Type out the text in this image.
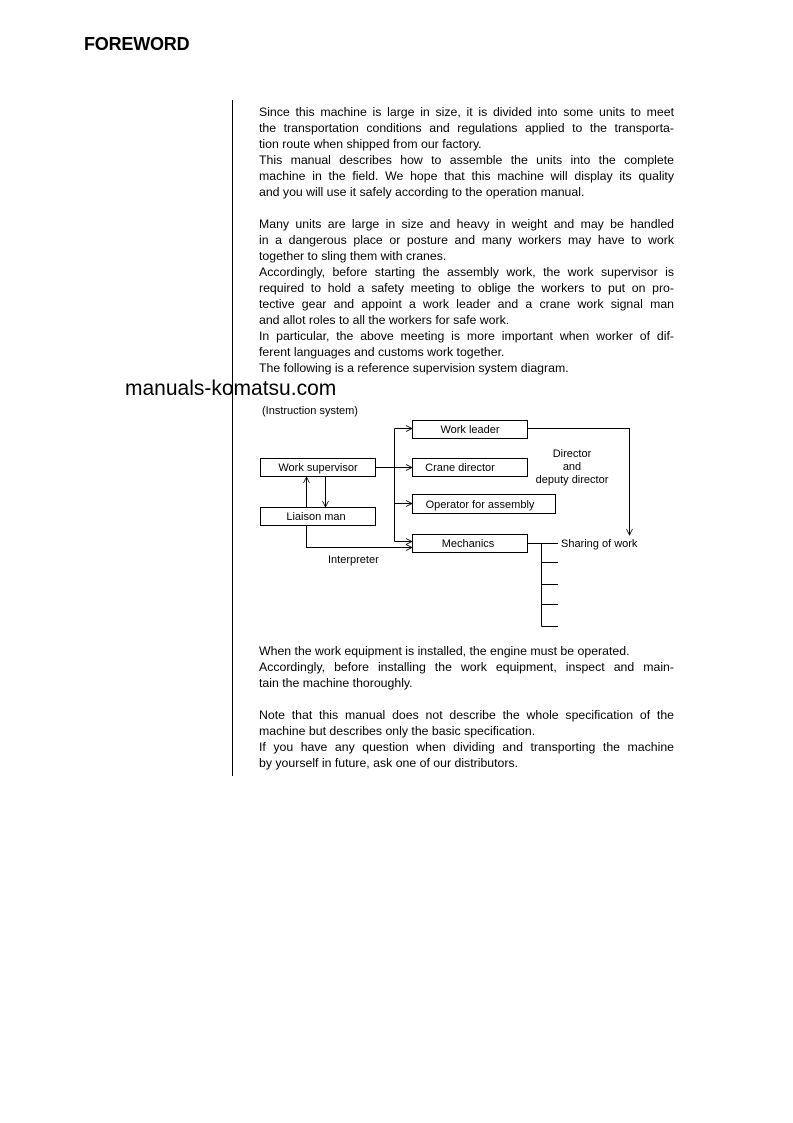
FOREWORD
Since this machine is large in size, it is divided into some units to meet
the transportation conditions and regulations applied to the transporta-
tion route when shipped from our factory.
This manual describes how to assemble the units into the complete
machine in the field. We hope that this machine will display its quality
and you will use it safely according to the operation manual.
Many units are large in size and heavy in weight and may be handled
in a dangerous place or posture and many workers may have to work
together to sling them with cranes.
Accordingly, before starting the assembly work, the work supervisor is
required to hold a safety meeting to oblige the workers to put on pro-
tective gear and appoint a work leader and a crane work signal man
and allot roles to all the workers for safe work.
In particular, the above meeting is more important when worker of dif-
ferent languages and customs work together.
The following is a reference supervision system diagram.
(Instruction system)
Work leader
Work supervisor	Crane director
Operator for assembly
Liaison man
Mechanics
Director
and
deputy director
Interpreter
Sharing of work
manuals-komatsu.com
When the work equipment is installed, the engine must be operated.
Accordingly, before installing the work equipment, inspect and main-
tain the machine thoroughly.
Note that this manual does not describe the whole specification of the
machine but describes only the basic specification.
If you have any question when dividing and transporting the machine
by yourself in future, ask one of our distributors.
